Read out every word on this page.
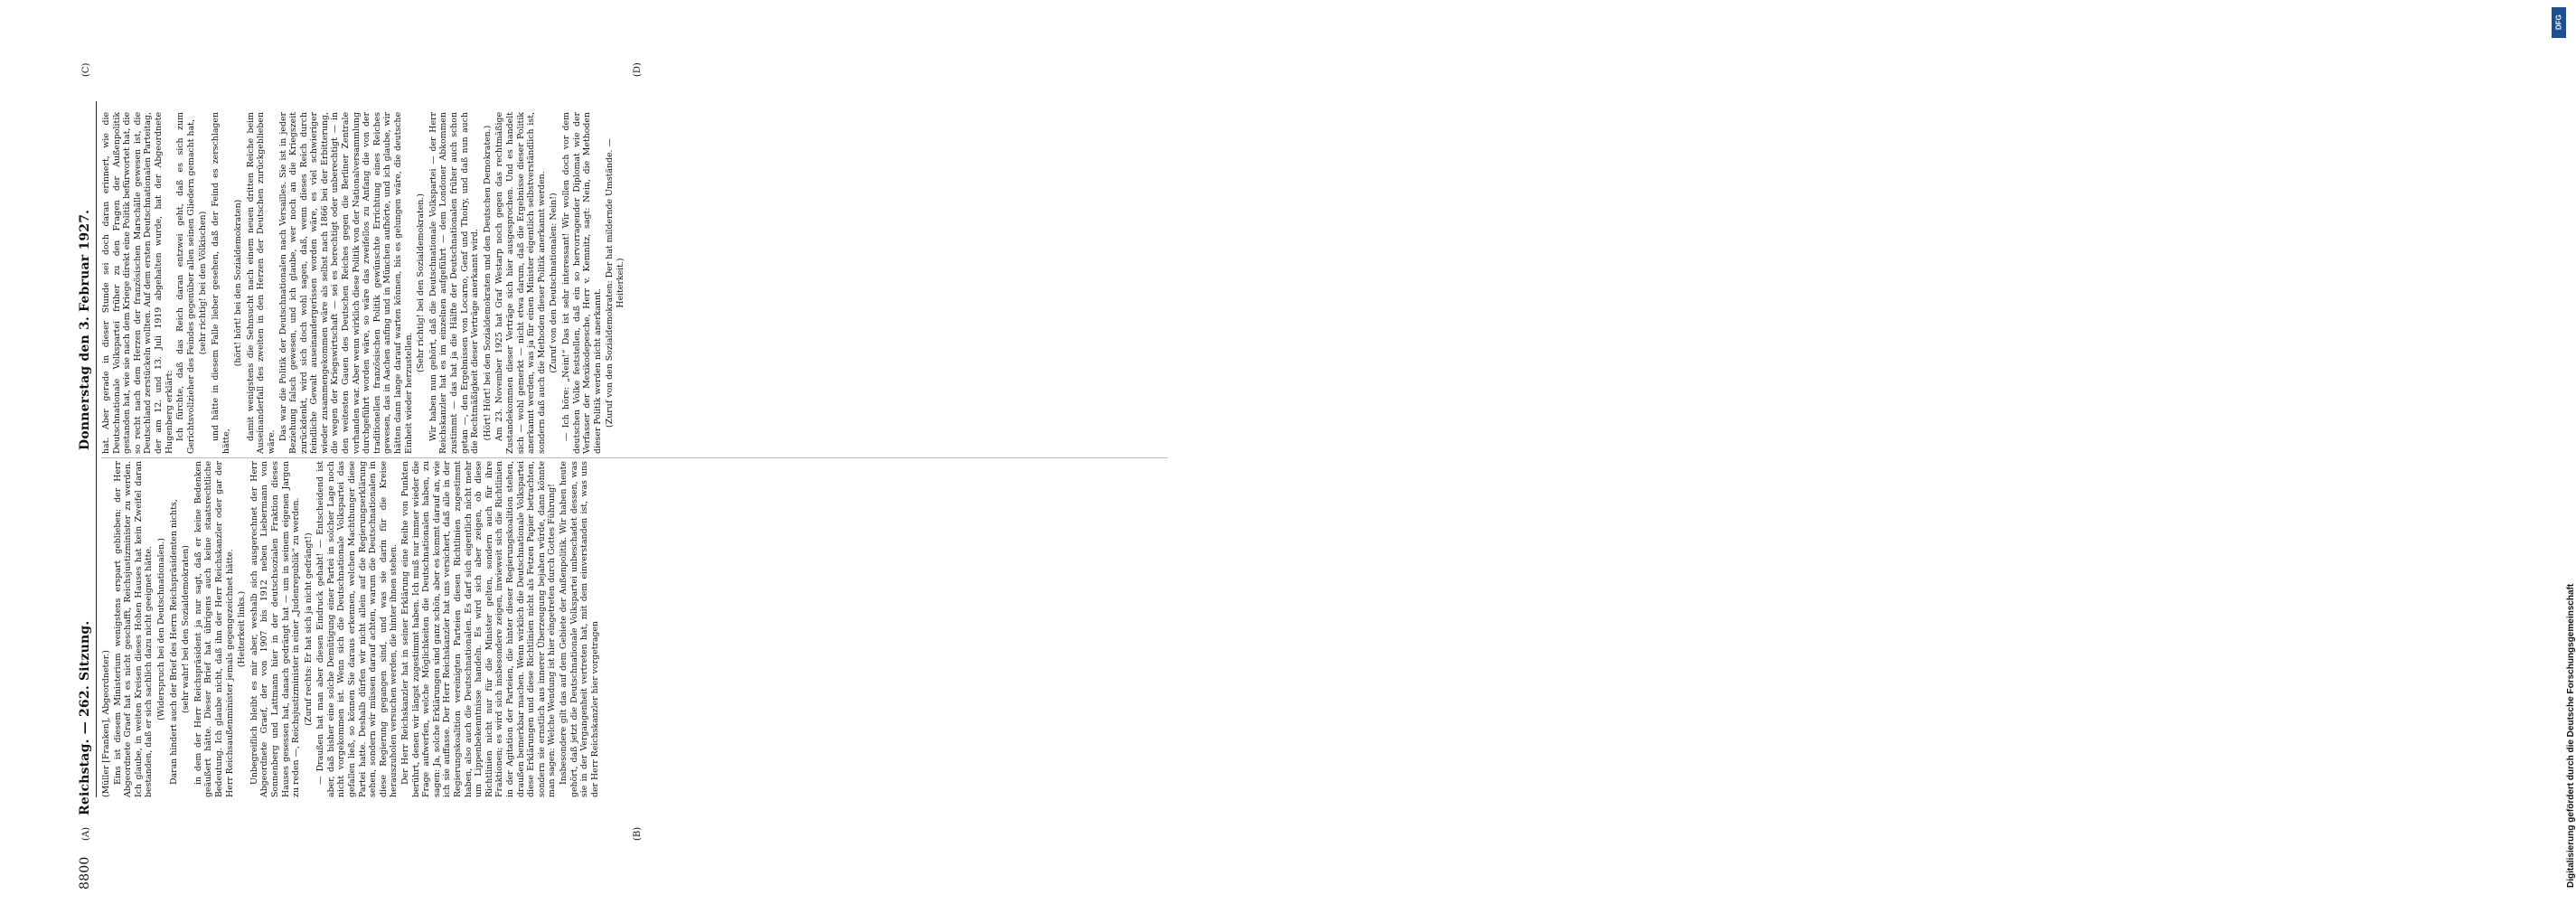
8800
Reichstag. — 262. Sitzung.
Donnerstag den 3. Februar 1927.
(A)	(B)
(C)	(D)

(Müller [Franken], Abgeordneter.) Eins ist diesem Ministerium wenigstens erspart geblieben: der Herr Abgeordnete Graef hat es nicht geschafft, Reichsjustizminister zu werden. Ich glaube, in weiten Kreisen dieses Hohen Hauses hat kein Zweifel daran bestanden, daß er sich sachlich dazu nicht geeignet hätte. (Widerspruch bei den Deutschnationalen.) Daran hindert auch der Brief des Herrn Reichspräsidenten nichts, (sehr wahr! bei den Sozialdemokraten) in dem der Herr Reichspräsident ja nur sagt, daß er keine Bedenken geäußert hätte. Dieser Brief hat übrigens auch keine staatsrechtliche Bedeutung. Ich glaube nicht, daß ihn der Herr Reichskanzler oder gar der Herr Reichsaußenminister jemals gegengezeichnet hätte. (Heiterkeit links.) Unbegreiflich bleibt es mir aber, weshalb sich ausgerechnet der Herr Abgeordnete Graef, der von 1907 bis 1912 neben Liebermann von Sonnenberg und Lattmann hier in der deutschsozialen Fraktion dieses Hauses gesessen hat, danach gedrängt hat — um in seinem eigenen Jargon zu reden —, Reichsjustizminister in einer „Judenrepublik“ zu werden. (Zuruf rechts: Er hat sich ja nicht gedrängt!) — Draußen hat man aber diesen Eindruck gehabt! — Entscheidend ist aber, daß bisher eine solche Demütigung einer Partei in solcher Lage noch nicht vorgekommen ist. Wenn sich die Deutschnationale Volkspartei das gefallen ließ, so können Sie daraus erkennen, welchen Machthunger diese Partei hatte. Deshalb dürfen wir nicht allein auf die Regierungserklärung sehen, sondern wir müssen darauf achten, warum die Deutschnationalen in diese Regierung gegangen sind, und was sie darin für die Kreise herauszuholen versuchen werden, die hinter ihnen stehen. Der Herr Reichskanzler hat in seiner Erklärung eine Reihe von Punkten berührt, denen wir längst zugestimmt haben. Ich muß nur immer wieder die Frage aufwerfen, welche Möglichkeiten die Deutschnationalen haben, zu sagen: Ja, solche Erklärungen sind ganz schön, aber es kommt darauf an, wie ich sie auffasse. Der Herr Reichskanzler hat uns versichert, daß alle in der Regierungskoalition vereinigten Parteien diesen Richtlinien zugestimmt haben, also auch die Deutschnationalen. Es darf sich eigentlich nicht mehr um Lippenbekenntnisse handeln. Es wird sich aber zeigen, ob diese Richtlinien nicht nur für die Minister gelten, sondern auch für ihre Fraktionen; es wird sich insbesondere zeigen, inwieweit sich die Richtlinien in der Agitation der Parteien, die hinter dieser Regierungskoalition stehen, draußen bemerkbar machen. Wenn wirklich die Deutschnationale Volkspartei diese Erklärungen und diese Richtlinien nicht als Fetzen Papier betrachten, sondern sie ernstlich aus innerer Überzeugung bejahen würde, dann könnte man sagen: Welche Wendung ist hier eingetreten durch Gottes Führung! Insbesondere gilt das auf dem Gebiete der Außenpolitik. Wir haben heute gehört, daß jetzt die Deutschnationale Volkspartei unbeschadet dessen, was sie in der Vergangenheit vertreten hat, mit dem einverstanden ist, was uns der Herr Reichskanzler hier vorgetragen

hat. Aber gerade in dieser Stunde sei doch daran erinnert, wie die Deutschnationale Volkspartei früher zu den Fragen der Außenpolitik gestanden hat, wie sie nach dem Kriege direkt eine Politik befürwortet hat, die so recht nach dem Herzen der französischen Marschälle gewesen ist, die Deutschland zerstückeln wollten. Auf dem ersten Deutschnationalen Parteitag, der am 12. und 13. Juli 1919 abgehalten wurde, hat der Abgeordnete Hugenberg erklärt: Ich fürchte, daß das Reich daran entzwei geht, daß es sich zum Gerichtsvollzieher des Feindes gegenüber allen seinen Gliedern gemacht hat, (sehr richtig! bei den Völkischen) und hätte in diesem Falle lieber gesehen, daß der Feind es zerschlagen hätte,

(hört! hört! bei den Sozialdemokraten) damit wenigstens die Sehnsucht nach einem neuen dritten Reiche beim Auseinanderfall des zweiten in den Herzen der Deutschen zurückgeblieben wäre.

Das war die Politik der Deutschnationalen nach Versailles. Sie ist in jeder Beziehung falsch gewesen, und ich glaube, wer noch an die Kriegszeit zurückdenkt, wird sich doch wohl sagen, daß, wenn dieses Reich durch feindliche Gewalt auseinandergerissen worden wäre, es viel schwieriger wieder zusammengekommen wäre als selbst nach 1866 bei der Erbitterung, die wegen der Kriegswirtschaft — sei es berechtigt oder unberechtigt — in den weitesten Gauen des Deutschen Reiches gegen die Berliner Zentrale vorhanden war. Aber wenn wirklich diese Politik von der Nationalversammlung durchgeführt worden wäre, so wäre das zweifellos zu Anfang die von der traditionellen französischen Politik gewünschte Errichtung eines Reiches gewesen, das in Aachen anfing und in München aufhörte, und ich glaube, wir hätten dann lange darauf warten können, bis es gelungen wäre, die deutsche Einheit wieder herzustellen.

(Sehr richtig! bei den Sozialdemokraten.) Wir haben nun gehört, daß die Deutschnationale Volkspartei — der Herr Reichskanzler hat es im einzelnen aufgeführt — dem Londoner Abkommen zustimmt — das hat ja die Hälfte der Deutschnationalen früher auch schon getan —, den Ergebnissen von Locarno, Genf und Thoiry, und daß nun auch die Rechtmäßigkeit dieser Verträge anerkannt wird. (Hört! Hört! bei den Sozialdemokraten und den Deutschen Demokraten.) Am 23. November 1925 hat Graf Westarp noch gegen das rechtmäßige Zustandekommen dieser Verträge sich hier ausgesprochen. Und es handelt sich — wohl gemerkt — nicht etwa darum, daß die Ergebnisse dieser Politik anerkannt werden, was ja für einen Minister eigentlich selbstverständlich ist, sondern daß auch die Methoden dieser Politik anerkannt werden. (Zuruf von den Deutschnationalen: Nein!) — Ich höre: „Nein!“ Das ist sehr interessant! Wir wollen doch vor dem deutschen Volke feststellen, daß ein so hervorragender Diplomat wie der Verfasser der Mexikodepesche, Herr v. Kemnitz, sagt: Nein, die Methoden dieser Politik werden nicht anerkannt. (Zuruf von den Sozialdemokraten: Der hat mildernde Umstände. — Heiterkeit.)

DFG
Digitalisierung gefördert durch die Deutsche Forschungsgemeinschaft
